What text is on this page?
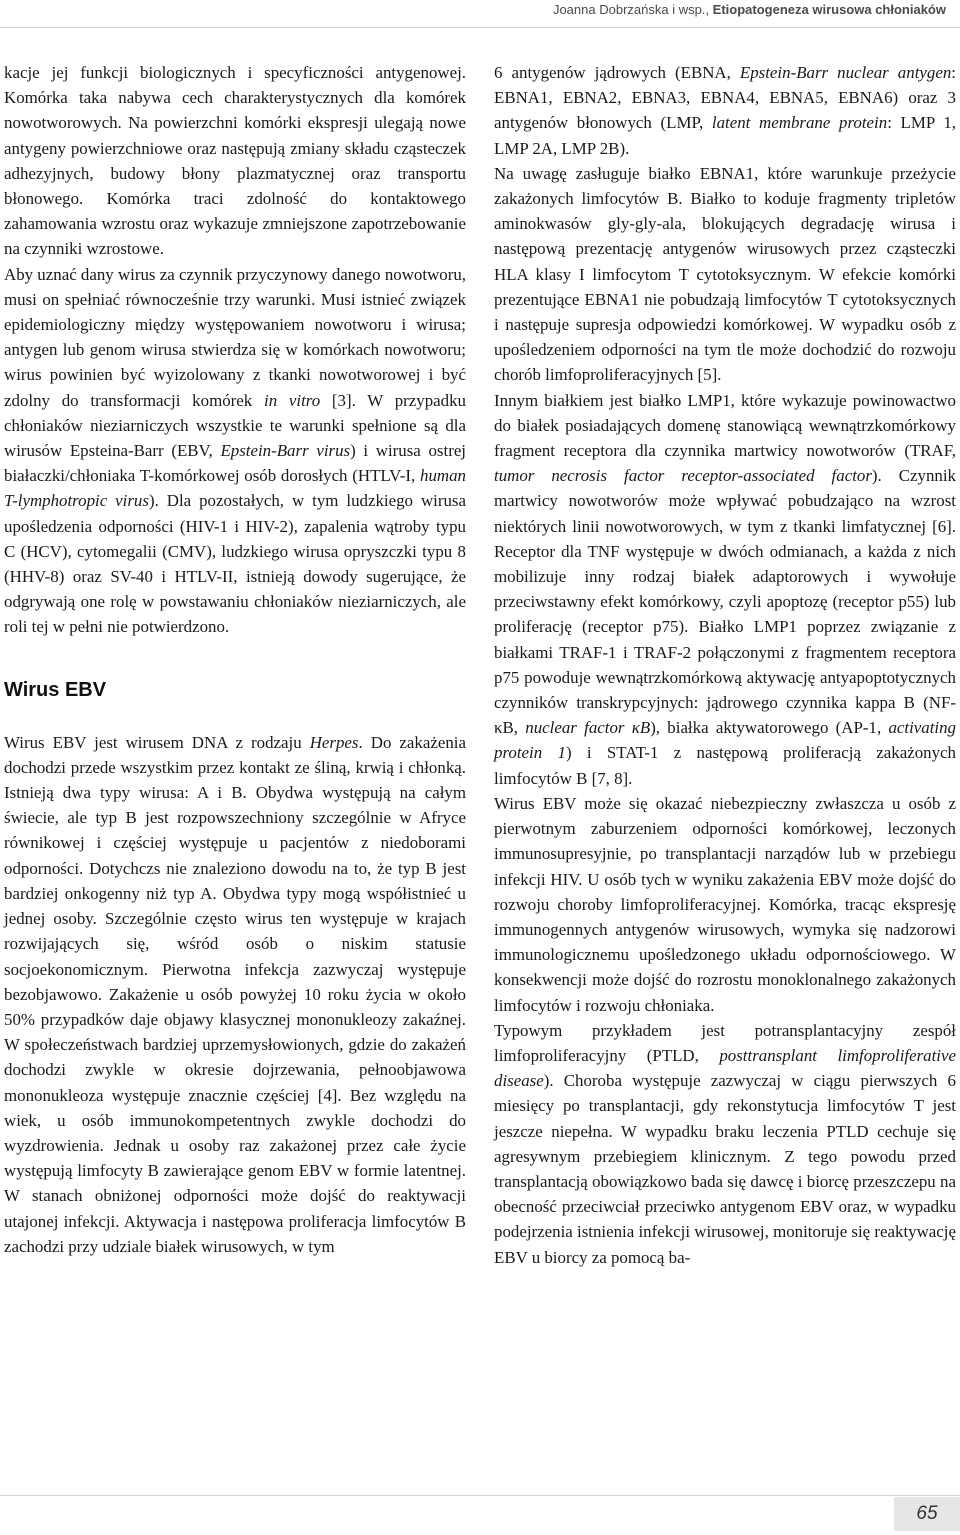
Joanna Dobrzańska i wsp., Etiopatogeneza wirusowa chłoniaków

kacje jej funkcji biologicznych i specyficzności antygenowej. Komórka taka nabywa cech charakterystycznych dla komórek nowotworowych. Na powierzchni komórki ekspresji ulegają nowe antygeny powierzchniowe oraz następują zmiany składu cząsteczek adhezyjnych, budowy błony plazmatycznej oraz transportu błonowego. Komórka traci zdolność do kontaktowego zahamowania wzrostu oraz wykazuje zmniejszone zapotrzebowanie na czynniki wzrostowe.

Aby uznać dany wirus za czynnik przyczynowy danego nowotworu, musi on spełniać równocześnie trzy warunki. Musi istnieć związek epidemiologiczny między występowaniem nowotworu i wirusa; antygen lub genom wirusa stwierdza się w komórkach nowotworu; wirus powinien być wyizolowany z tkanki nowotworowej i być zdolny do transformacji komórek in vitro [3]. W przypadku chłoniaków nieziarniczych wszystkie te warunki spełnione są dla wirusów Epsteina-Barr (EBV, Epstein-Barr virus) i wirusa ostrej białaczki/chłoniaka T-komórkowej osób dorosłych (HTLV-I, human T-lymphotropic virus). Dla pozostałych, w tym ludzkiego wirusa upośledzenia odporności (HIV-1 i HIV-2), zapalenia wątroby typu C (HCV), cytomegalii (CMV), ludzkiego wirusa opryszczki typu 8 (HHV-8) oraz SV-40 i HTLV-II, istnieją dowody sugerujące, że odgrywają one rolę w powstawaniu chłoniaków nieziarniczych, ale roli tej w pełni nie potwierdzono.

Wirus EBV

Wirus EBV jest wirusem DNA z rodzaju Herpes. Do zakażenia dochodzi przede wszystkim przez kontakt ze śliną, krwią i chłonką. Istnieją dwa typy wirusa: A i B. Obydwa występują na całym świecie, ale typ B jest rozpowszechniony szczególnie w Afryce równikowej i częściej występuje u pacjentów z niedoborami odporności. Dotychczs nie znaleziono dowodu na to, że typ B jest bardziej onkogenny niż typ A. Obydwa typy mogą współistnieć u jednej osoby. Szczególnie często wirus ten występuje w krajach rozwijających się, wśród osób o niskim statusie socjoekonomicznym. Pierwotna infekcja zazwyczaj występuje bezobjawowo. Zakażenie u osób powyżej 10 roku życia w około 50% przypadków daje objawy klasycznej mononukleozy zakaźnej. W społeczeństwach bardziej uprzemysłowionych, gdzie do zakażeń dochodzi zwykle w okresie dojrzewania, pełnoobjawowa mononukleoza występuje znacznie częściej [4]. Bez względu na wiek, u osób immunokompetentnych zwykle dochodzi do wyzdrowienia. Jednak u osoby raz zakażonej przez całe życie występują limfocyty B zawierające genom EBV w formie latentnej. W stanach obniżonej odporności może dojść do reaktywacji utajonej infekcji. Aktywacja i następowa proliferacja limfocytów B zachodzi przy udziale białek wirusowych, w tym

6 antygenów jądrowych (EBNA, Epstein-Barr nuclear antygen: EBNA1, EBNA2, EBNA3, EBNA4, EBNA5, EBNA6) oraz 3 antygenów błonowych (LMP, latent membrane protein: LMP 1, LMP 2A, LMP 2B).

Na uwagę zasługuje białko EBNA1, które warunkuje przeżycie zakażonych limfocytów B. Białko to koduje fragmenty tripletów aminokwasów gly-gly-ala, blokujących degradację wirusa i następową prezentację antygenów wirusowych przez cząsteczki HLA klasy I limfocytom T cytotoksycznym. W efekcie komórki prezentujące EBNA1 nie pobudzają limfocytów T cytotoksycznych i następuje supresja odpowiedzi komórkowej. W wypadku osób z upośledzeniem odporności na tym tle może dochodzić do rozwoju chorób limfoproliferacyjnych [5].

Innym białkiem jest białko LMP1, które wykazuje powinowactwo do białek posiadających domenę stanowiącą wewnątrzkomórkowy fragment receptora dla czynnika martwicy nowotworów (TRAF, tumor necrosis factor receptor-associated factor). Czynnik martwicy nowotworów może wpływać pobudzająco na wzrost niektórych linii nowotworowych, w tym z tkanki limfatycznej [6]. Receptor dla TNF występuje w dwóch odmianach, a każda z nich mobilizuje inny rodzaj białek adaptorowych i wywołuje przeciwstawny efekt komórkowy, czyli apoptozę (receptor p55) lub proliferację (receptor p75). Białko LMP1 poprzez związanie z białkami TRAF-1 i TRAF-2 połączonymi z fragmentem receptora p75 powoduje wewnątrzkomórkową aktywację antyapoptotycznych czynników transkrypcyjnych: jądrowego czynnika kappa B (NF-κB, nuclear factor κB), białka aktywatorowego (AP-1, activating protein 1) i STAT-1 z następową proliferacją zakażonych limfocytów B [7, 8].

Wirus EBV może się okazać niebezpieczny zwłaszcza u osób z pierwotnym zaburzeniem odporności komórkowej, leczonych immunosupresyjnie, po transplantacji narządów lub w przebiegu infekcji HIV. U osób tych w wyniku zakażenia EBV może dojść do rozwoju choroby limfoproliferacyjnej. Komórka, tracąc ekspresję immunogennych antygenów wirusowych, wymyka się nadzorowi immunologicznemu upośledzonego układu odpornościowego. W konsekwencji może dojść do rozrostu monoklonalnego zakażonych limfocytów i rozwoju chłoniaka.

Typowym przykładem jest potransplantacyjny zespół limfoproliferacyjny (PTLD, posttransplant limfoproliferative disease). Choroba występuje zazwyczaj w ciągu pierwszych 6 miesięcy po transplantacji, gdy rekonstytucja limfocytów T jest jeszcze niepełna. W wypadku braku leczenia PTLD cechuje się agresywnym przebiegiem klinicznym. Z tego powodu przed transplantacją obowiązkowo bada się dawcę i biorcę przeszczepu na obecność przeciwciał przeciwko antygenom EBV oraz, w wypadku podejrzenia istnienia infekcji wirusowej, monitoruje się reaktywację EBV u biorcy za pomocą ba-

65
